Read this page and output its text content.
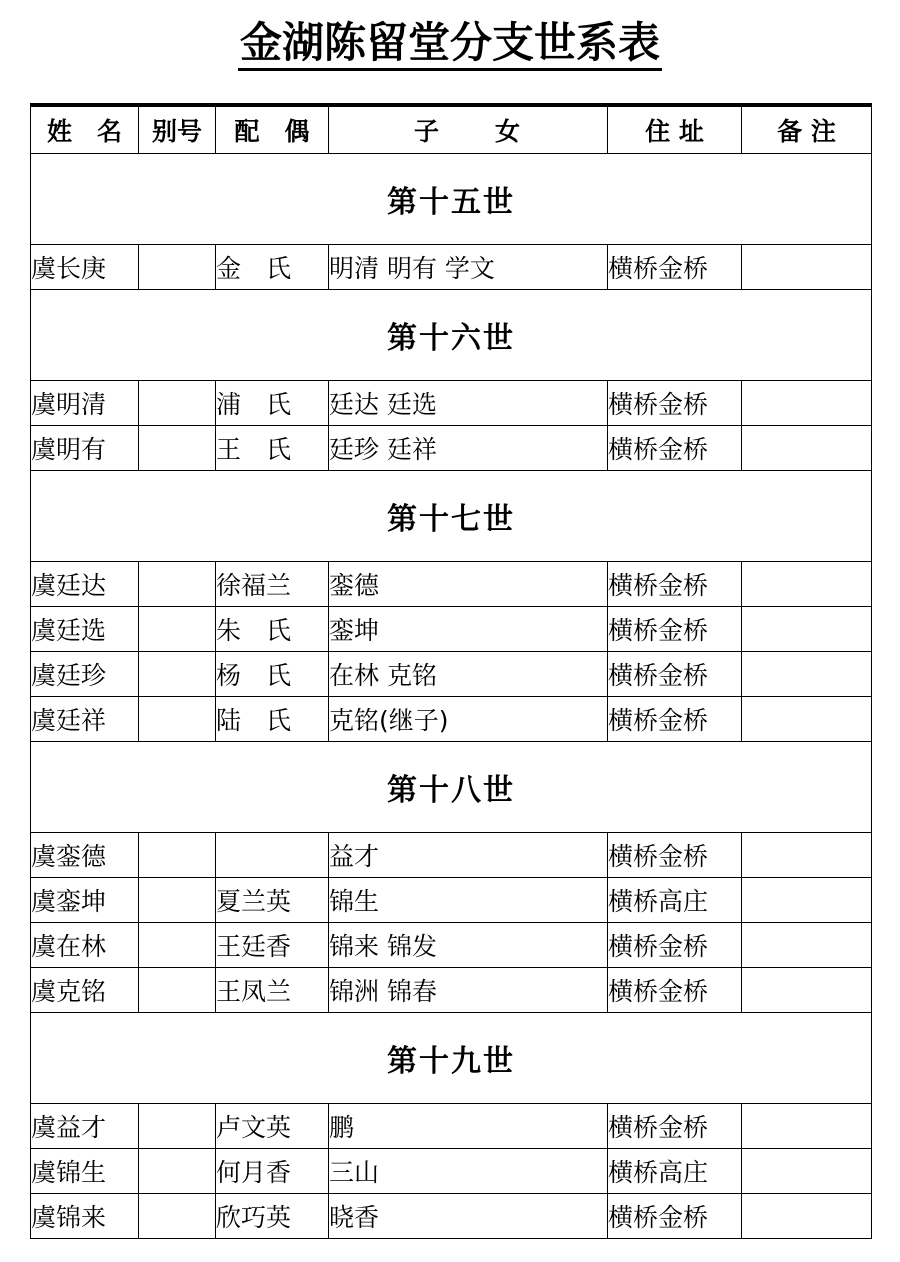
金湖陈留堂分支世系表
姓　名	别号	配　偶	子　　女	住 址	备 注
第十五世					
虞长庚		金　氏	明清 明有 学文	横桥金桥	
第十六世					
虞明清		浦　氏	廷达 廷选	横桥金桥	
虞明有		王　氏	廷珍 廷祥	横桥金桥	
第十七世					
虞廷达		徐福兰	銮德	横桥金桥	
虞廷选		朱　氏	銮坤	横桥金桥	
虞廷珍		杨　氏	在林 克铭	横桥金桥	
虞廷祥		陆　氏	克铭(继子)	横桥金桥	
第十八世					
虞銮德			益才	横桥金桥	
虞銮坤		夏兰英	锦生	横桥高庄	
虞在林		王廷香	锦来 锦发	横桥金桥	
虞克铭		王凤兰	锦洲 锦春	横桥金桥	
第十九世					
虞益才		卢文英	鹏	横桥金桥	
虞锦生		何月香	三山	横桥高庄	
虞锦来		欣巧英	晓香	横桥金桥	
